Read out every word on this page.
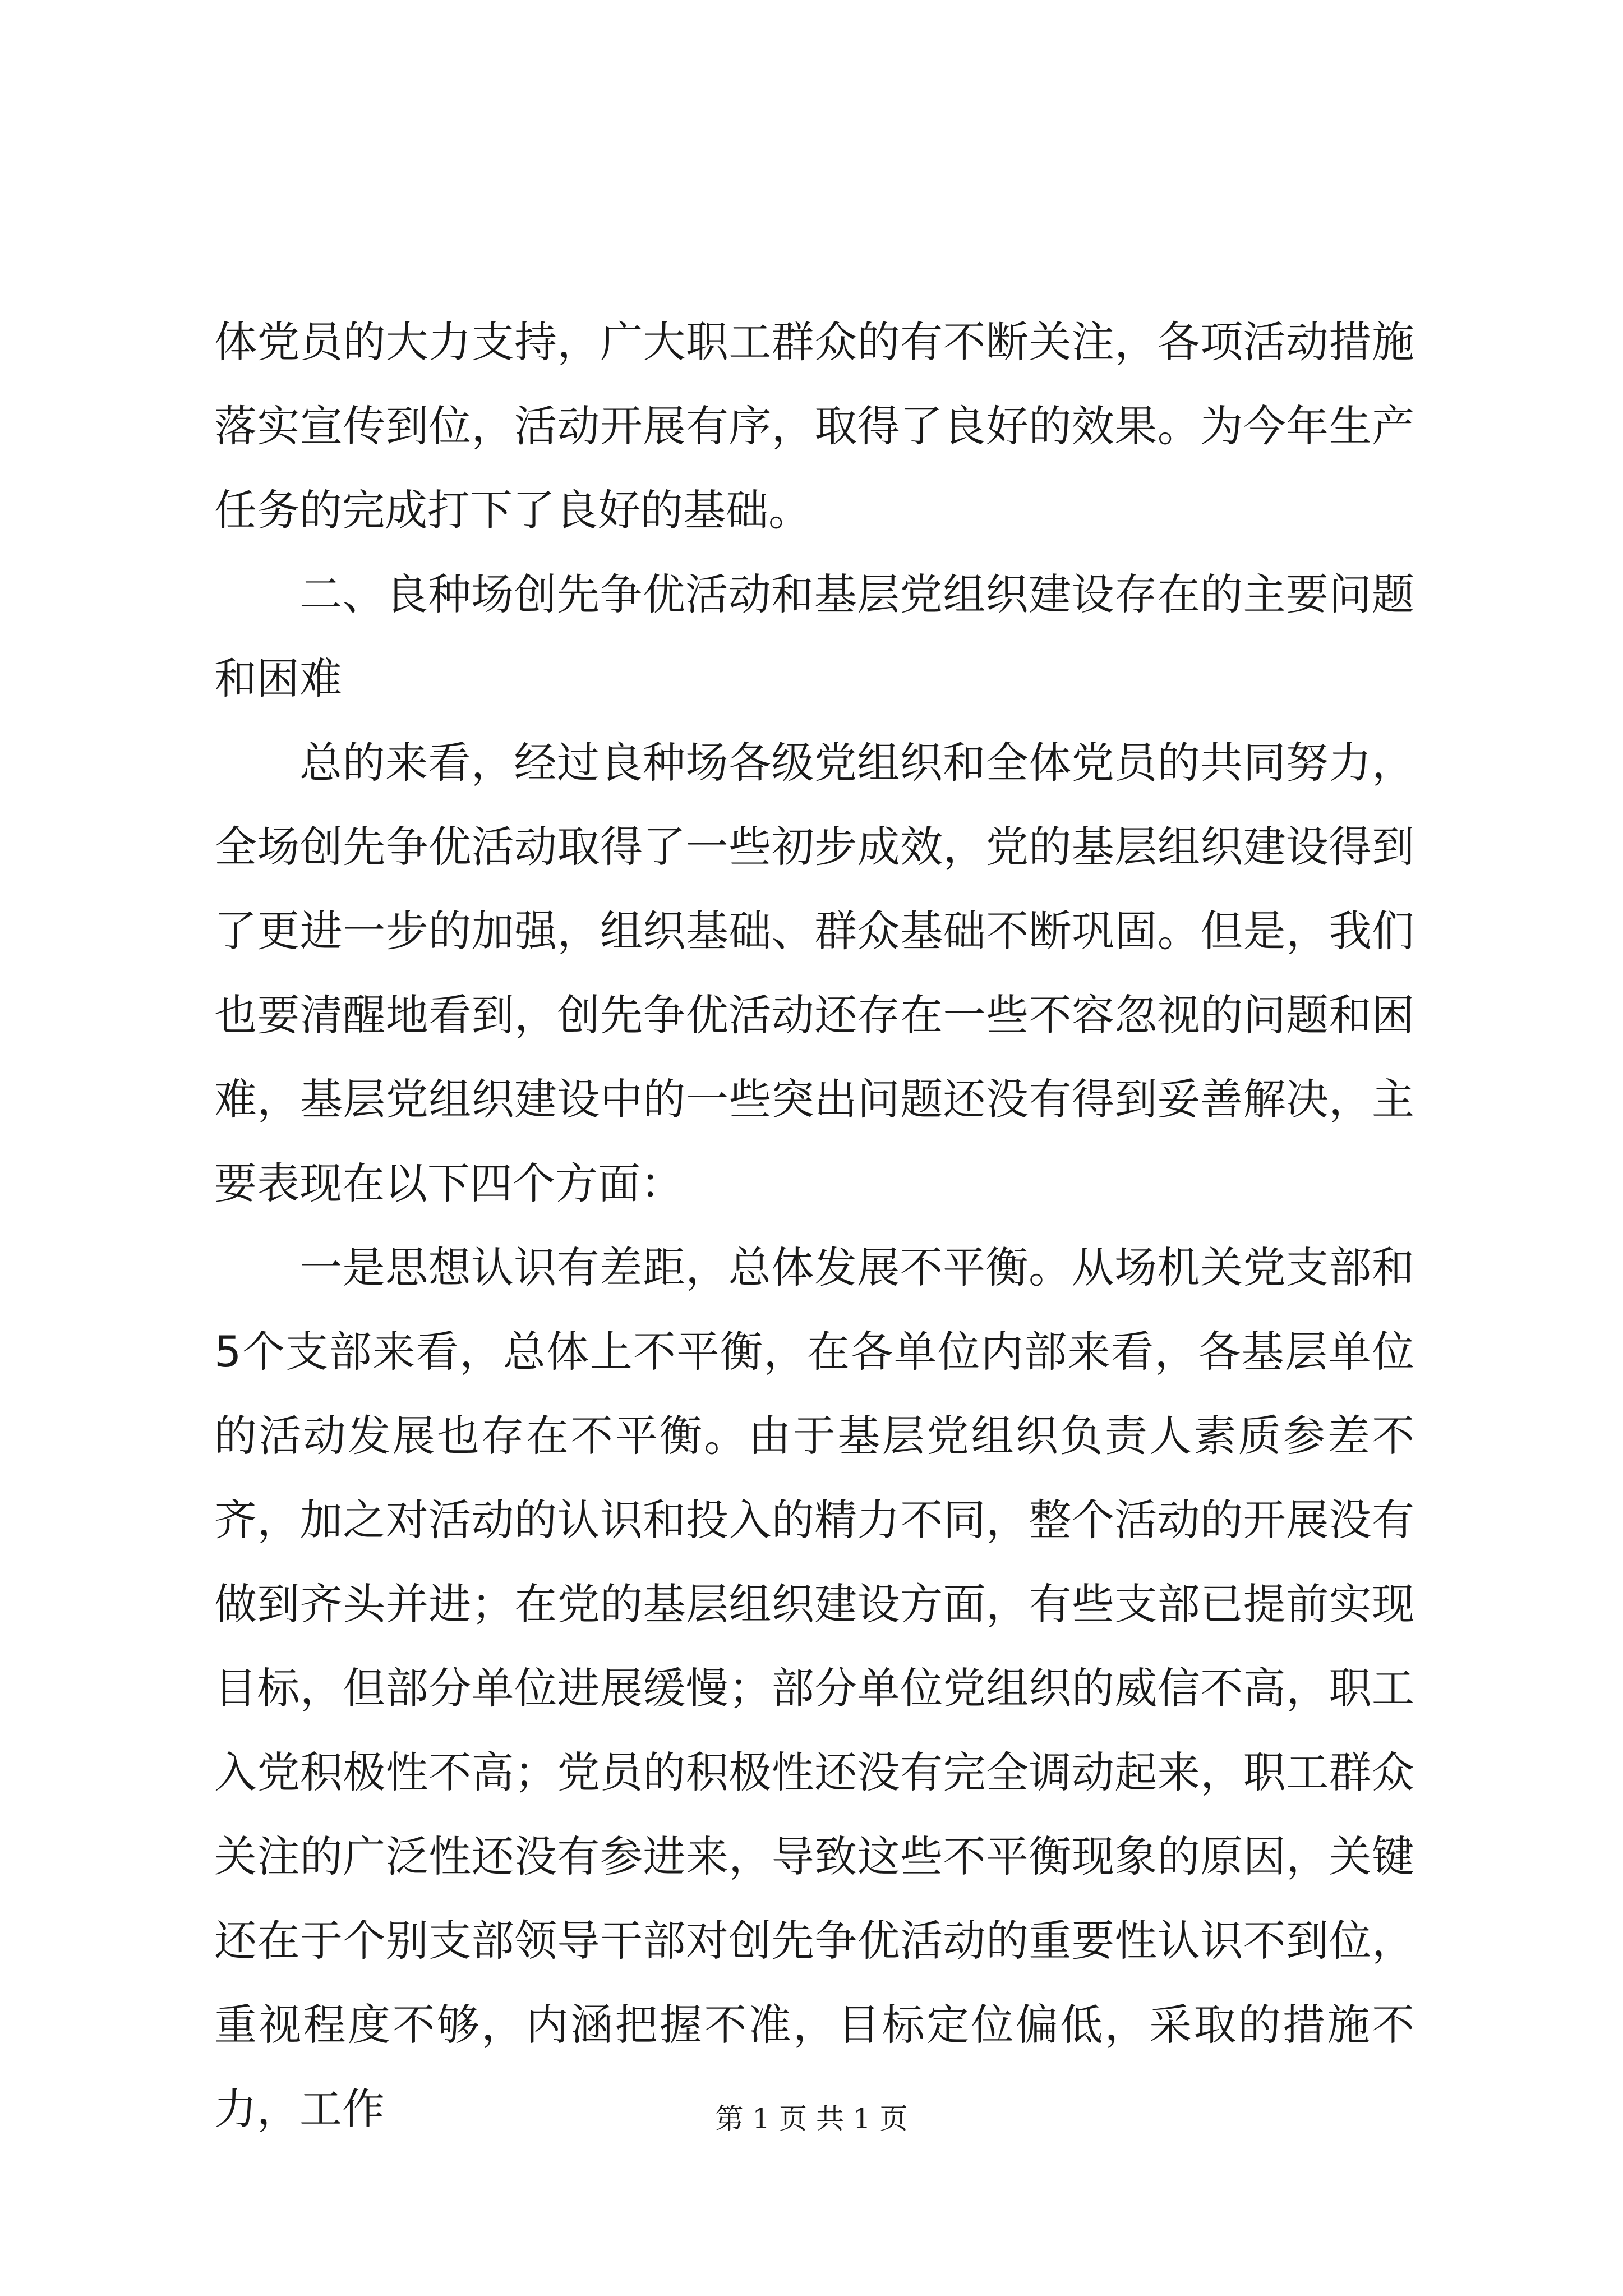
体党员的大力支持，广大职工群众的有不断关注，各项活动措施落实宣传到位，活动开展有序，取得了良好的效果。为今年生产任务的完成打下了良好的基础。

二、良种场创先争优活动和基层党组织建设存在的主要问题和困难

总的来看，经过良种场各级党组织和全体党员的共同努力，全场创先争优活动取得了一些初步成效，党的基层组织建设得到了更进一步的加强，组织基础、群众基础不断巩固。但是，我们也要清醒地看到，创先争优活动还存在一些不容忽视的问题和困难，基层党组织建设中的一些突出问题还没有得到妥善解决，主要表现在以下四个方面：

一是思想认识有差距，总体发展不平衡。从场机关党支部和5个支部来看，总体上不平衡，在各单位内部来看，各基层单位的活动发展也存在不平衡。由于基层党组织负责人素质参差不齐，加之对活动的认识和投入的精力不同，整个活动的开展没有做到齐头并进；在党的基层组织建设方面，有些支部已提前实现目标，但部分单位进展缓慢；部分单位党组织的威信不高，职工入党积极性不高；党员的积极性还没有完全调动起来，职工群众关注的广泛性还没有参进来，导致这些不平衡现象的原因，关键还在于个别支部领导干部对创先争优活动的重要性认识不到位，重视程度不够，内涵把握不准，目标定位偏低，采取的措施不力，工作	第 1 页 共 1 页
